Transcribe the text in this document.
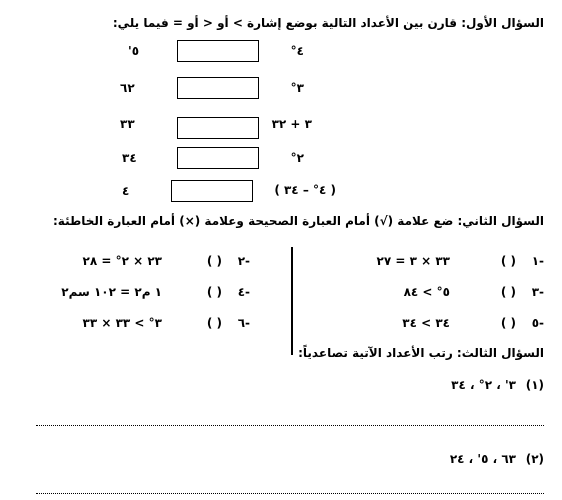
السؤال الأول: قارن بين الأعداد التالية بوضع إشارة > أو < أو = فيما يلي:
٤°
٥'
٣°
٦٢
٣ + ٣٢
٣٣
٢°
٣٤
( ٤° – ٣٤ )
٤
السؤال الثاني: ضع علامة (√) أمام العبارة الصحيحة وعلامة (×) أمام العبارة الخاطئة:
-١
( )
٣٣ × ٣ = ٢٧
-٣
( )
٥° > ٨٤
-٥
( )
٣٤ > ٣٤
-٢
( )
٢٣ × ٢° = ٢٨
-٤
( )
١ م٢ = ١٠٢ سم٢
-٦
( )
٣° > ٣٣ × ٣٣
السؤال الثالث: رتب الأعداد الآتية تصاعدياً:
(١)
٣' ، ٢° ، ٣٤
(٢)
٦٣ ، ٥' ، ٢٤
